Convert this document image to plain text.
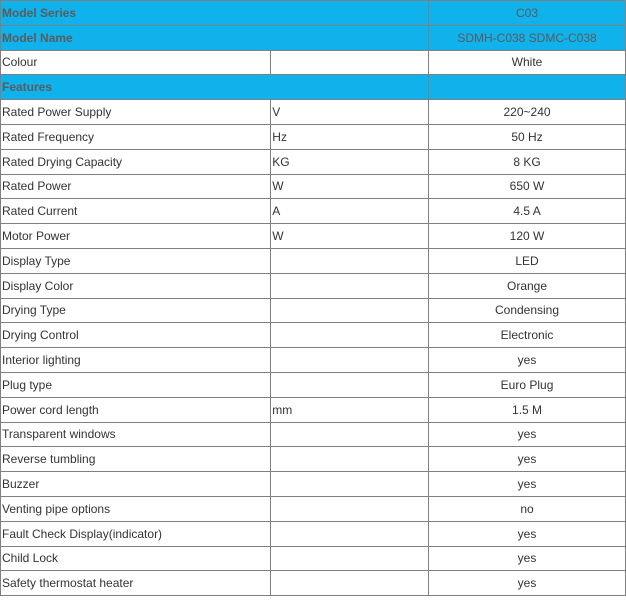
Model Series		C03
Model Name		SDMH-C038 SDMC-C038
Colour		White
Features		
Rated Power Supply	V	220~240
Rated Frequency	Hz	50 Hz
Rated Drying Capacity	KG	8 KG
Rated Power	W	650 W
Rated Current	A	4.5 A
Motor Power	W	120 W
Display Type		LED
Display Color		Orange
Drying Type		Condensing
Drying Control		Electronic
Interior lighting		yes
Plug type		Euro Plug
Power cord length	mm	1.5 M
Transparent windows		yes
Reverse tumbling		yes
Buzzer		yes
Venting pipe options		no
Fault Check Display(indicator)		yes
Child Lock		yes
Safety thermostat heater		yes
